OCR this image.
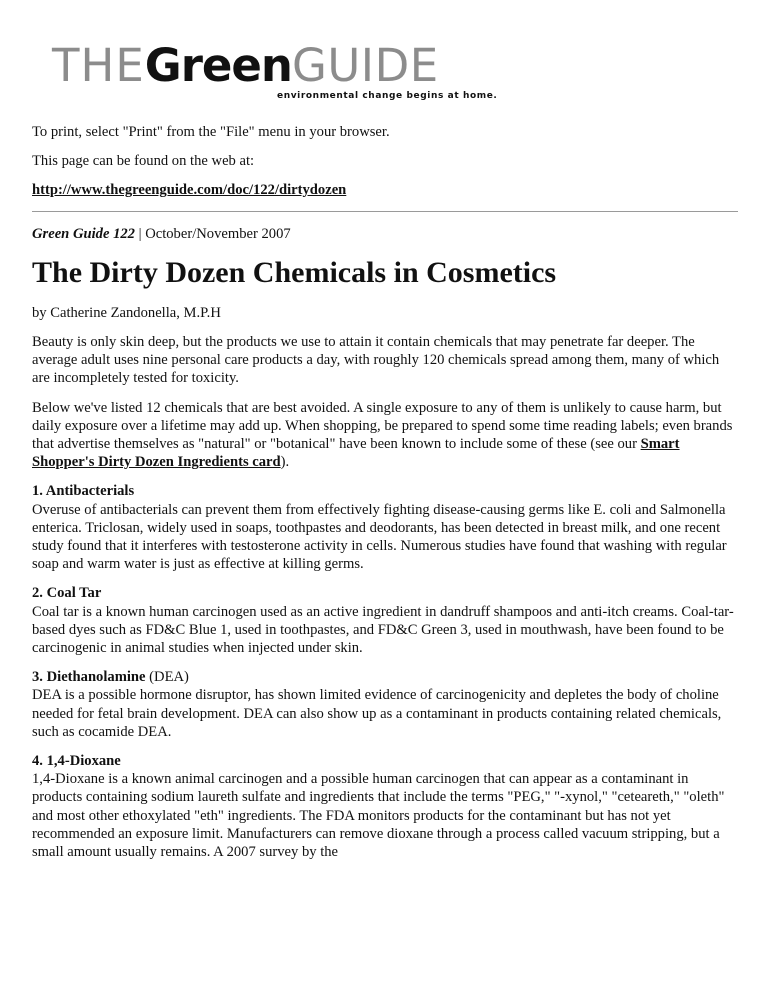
THEGreenGUIDE
environmental change begins at home.

To print, select "Print" from the "File" menu in your browser.

This page can be found on the web at:

http://www.thegreenguide.com/doc/122/dirtydozen

Green Guide 122 | October/November 2007
The Dirty Dozen Chemicals in Cosmetics

by Catherine Zandonella, M.P.H

Beauty is only skin deep, but the products we use to attain it contain chemicals that may penetrate far deeper. The average adult uses nine personal care products a day, with roughly 120 chemicals spread among them, many of which are incompletely tested for toxicity.

Below we've listed 12 chemicals that are best avoided. A single exposure to any of them is unlikely to cause harm, but daily exposure over a lifetime may add up. When shopping, be prepared to spend some time reading labels; even brands that advertise themselves as "natural" or "botanical" have been known to include some of these (see our Smart Shopper's Dirty Dozen Ingredients card).

1. Antibacterials
Overuse of antibacterials can prevent them from effectively fighting disease-causing germs like E. coli and Salmonella enterica. Triclosan, widely used in soaps, toothpastes and deodorants, has been detected in breast milk, and one recent study found that it interferes with testosterone activity in cells. Numerous studies have found that washing with regular soap and warm water is just as effective at killing germs.

2. Coal Tar
Coal tar is a known human carcinogen used as an active ingredient in dandruff shampoos and anti-itch creams. Coal-tar-based dyes such as FD&C Blue 1, used in toothpastes, and FD&C Green 3, used in mouthwash, have been found to be carcinogenic in animal studies when injected under skin.

3. Diethanolamine (DEA)
DEA is a possible hormone disruptor, has shown limited evidence of carcinogenicity and depletes the body of choline needed for fetal brain development. DEA can also show up as a contaminant in products containing related chemicals, such as cocamide DEA.

4. 1,4-Dioxane
1,4-Dioxane is a known animal carcinogen and a possible human carcinogen that can appear as a contaminant in products containing sodium laureth sulfate and ingredients that include the terms "PEG," "-xynol," "ceteareth," "oleth" and most other ethoxylated "eth" ingredients. The FDA monitors products for the contaminant but has not yet recommended an exposure limit. Manufacturers can remove dioxane through a process called vacuum stripping, but a small amount usually remains. A 2007 survey by the
